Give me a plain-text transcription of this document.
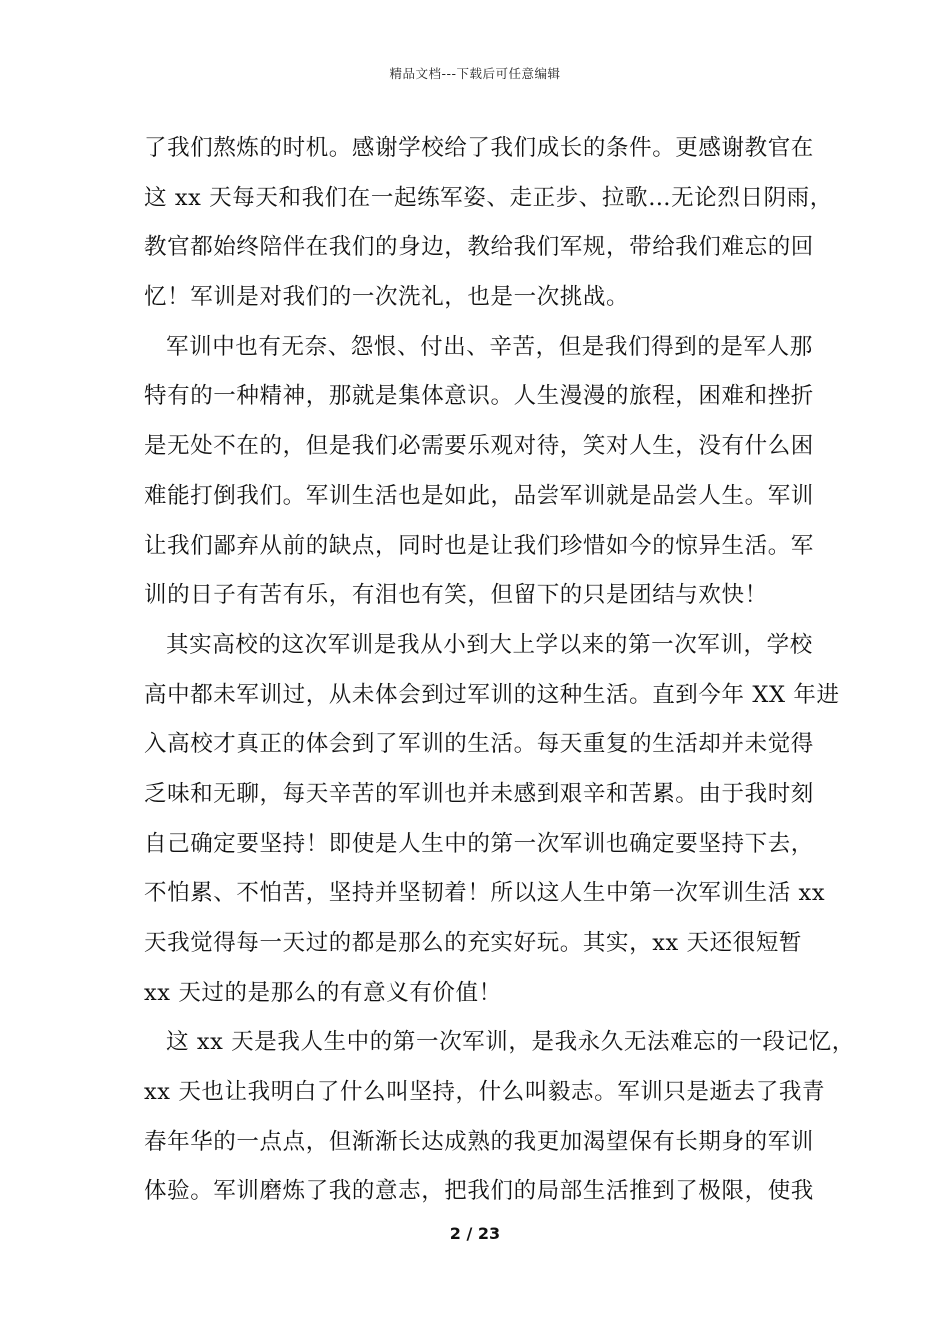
精品文档---下载后可任意编辑
了我们熬炼的时机。感谢学校给了我们成长的条件。更感谢教官在
这 xx 天每天和我们在一起练军姿、走正步、拉歌…无论烈日阴雨，
教官都始终陪伴在我们的身边，教给我们军规，带给我们难忘的回
忆！军训是对我们的一次洗礼，也是一次挑战。
军训中也有无奈、怨恨、付出、辛苦，但是我们得到的是军人那
特有的一种精神，那就是集体意识。人生漫漫的旅程，困难和挫折
是无处不在的，但是我们必需要乐观对待，笑对人生，没有什么困
难能打倒我们。军训生活也是如此，品尝军训就是品尝人生。军训
让我们鄙弃从前的缺点，同时也是让我们珍惜如今的惊异生活。军
训的日子有苦有乐，有泪也有笑，但留下的只是团结与欢快！
其实高校的这次军训是我从小到大上学以来的第一次军训，学校
高中都未军训过，从未体会到过军训的这种生活。直到今年 XX 年进
入高校才真正的体会到了军训的生活。每天重复的生活却并未觉得
乏味和无聊，每天辛苦的军训也并未感到艰辛和苦累。由于我时刻
自己确定要坚持！即使是人生中的第一次军训也确定要坚持下去，
不怕累、不怕苦，坚持并坚韧着！所以这人生中第一次军训生活 xx
天我觉得每一天过的都是那么的充实好玩。其实，xx 天还很短暂
xx 天过的是那么的有意义有价值！
这 xx 天是我人生中的第一次军训，是我永久无法难忘的一段记忆，
xx 天也让我明白了什么叫坚持，什么叫毅志。军训只是逝去了我青
春年华的一点点，但渐渐长达成熟的我更加渴望保有长期身的军训
体验。军训磨炼了我的意志，把我们的局部生活推到了极限，使我
2 / 23
